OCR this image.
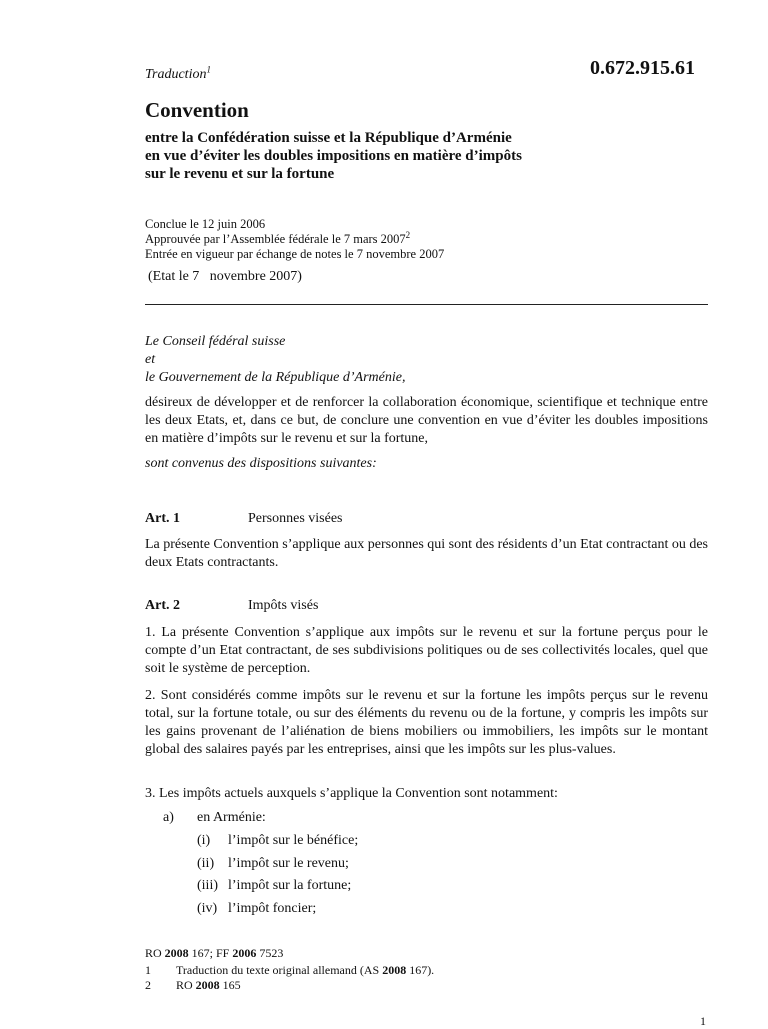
Traduction$^1$	0.672.915.61
Convention
entre la Confédération suisse et la République d’Arménie
en vue d’éviter les doubles impositions en matière d’impôts
sur le revenu et sur la fortune
Conclue le 12 juin 2006
Approuvée par l’Assemblée fédérale le 7 mars 2007$^2$
Entrée en vigueur par échange de notes le 7 novembre 2007
(Etat le 7   novembre 2007)
Le Conseil fédéral suisse
et
le Gouvernement de la République d’Arménie,
désireux de développer et de renforcer la collaboration économique, scientifique et technique entre les deux Etats, et, dans ce but, de conclure une convention en vue d’éviter les doubles impositions en matière d’impôts sur le revenu et sur la fortune,
sont convenus des dispositions suivantes:
Art. 1	Personnes visées
La présente Convention s’applique aux personnes qui sont des résidents d’un Etat contractant ou des deux Etats contractants.
Art. 2	Impôts visés
1. La présente Convention s’applique aux impôts sur le revenu et sur la fortune perçus pour le compte d’un Etat contractant, de ses subdivisions politiques ou de ses collectivités locales, quel que soit le système de perception.
2. Sont considérés comme impôts sur le revenu et sur la fortune les impôts perçus sur le revenu total, sur la fortune totale, ou sur des éléments du revenu ou de la fortune, y compris les impôts sur les gains provenant de l’aliénation de biens mobiliers ou immobiliers, les impôts sur le montant global des salaires payés par les entreprises, ainsi que les impôts sur les plus-values.
3. Les impôts actuels auxquels s’applique la Convention sont notamment:
a) en Arménie:
(i) l’impôt sur le bénéfice;
(ii) l’impôt sur le revenu;
(iii) l’impôt sur la fortune;
(iv) l’impôt foncier;
RO 2008 167; FF 2006 7523
1 Traduction du texte original allemand (AS 2008 167).
2 RO 2008 165
1
